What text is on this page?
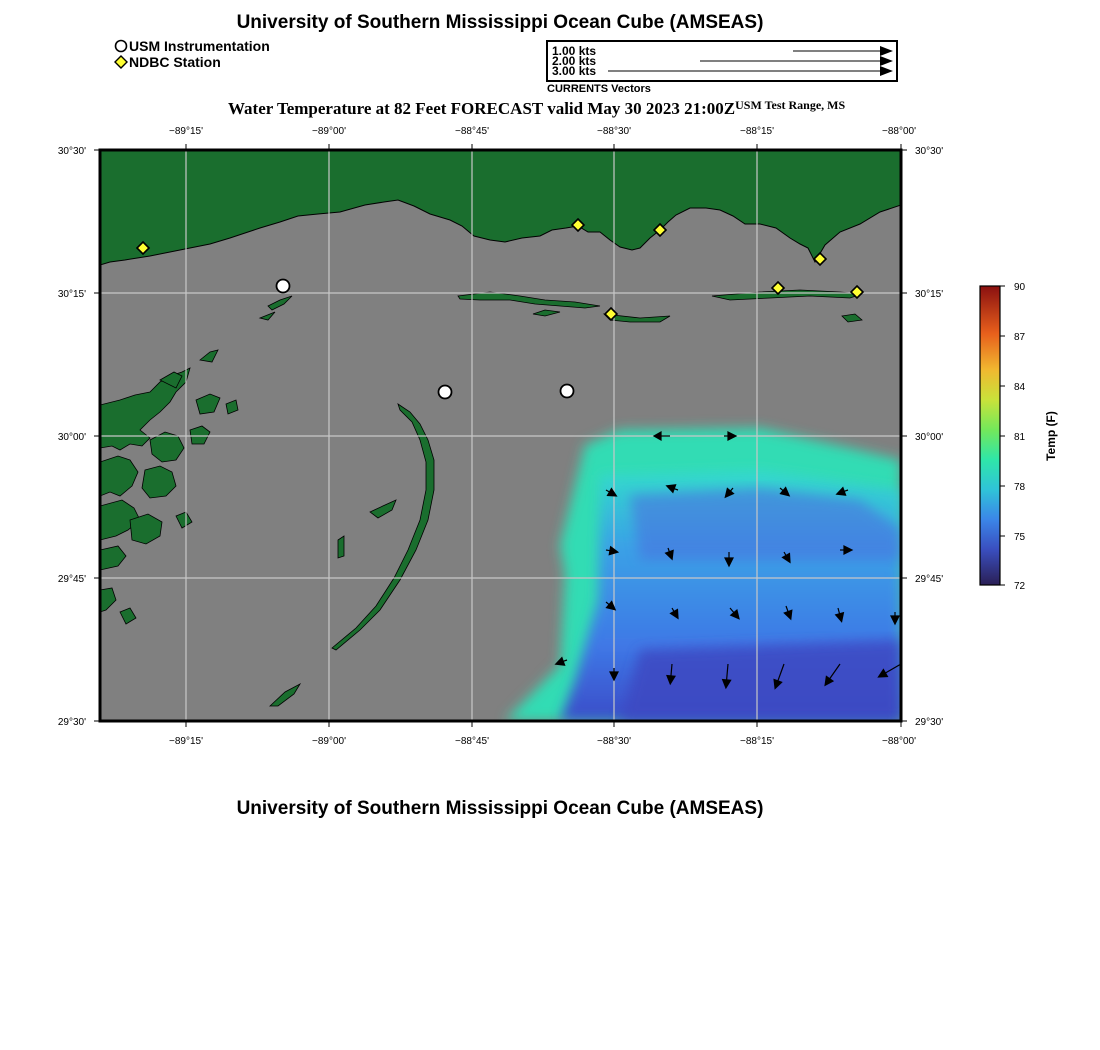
University of Southern Mississippi Ocean Cube (AMSEAS)
USM Instrumentation
NDBC Station
1.00 kts
2.00 kts
3.00 kts
CURRENTS Vectors
Water Temperature at 82 Feet FORECAST valid May 30 2023 $21:00Z^{USM Test Range, MS}$
−89°15'	−89°00'	−88°45'	−88°30'	−88°15'	−88°00'
−89°15'	−89°00'	−88°45'	−88°30'	−88°15'	−88°00'
30°30'
30°15'
30°00'
29°45'
29°30'
30°30'
30°15'
30°00'
29°45'
29°30'
90
87
84
81
78
75
72
Temp (F)
University of Southern Mississippi Ocean Cube (AMSEAS)
